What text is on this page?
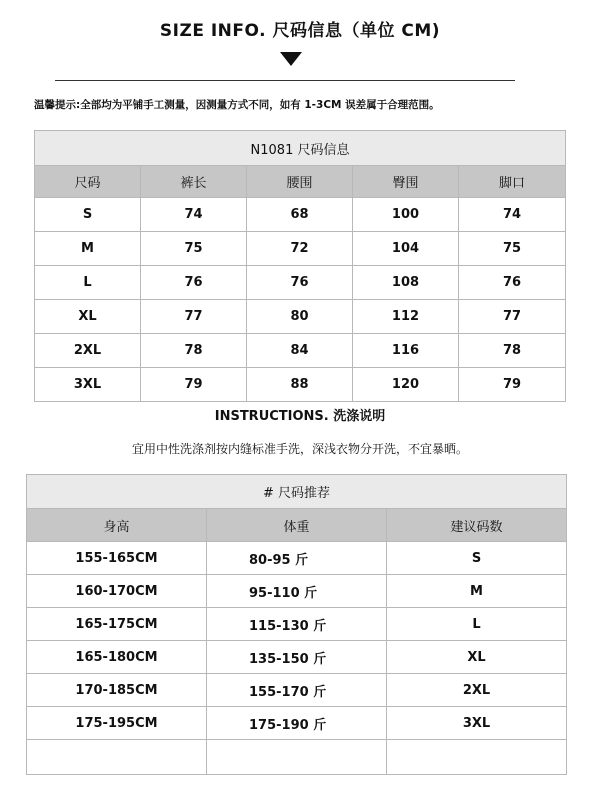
SIZE INFO. 尺码信息（单位 CM)
温馨提示:全部均为平铺手工测量，因测量方式不同，如有 1-3CM 误差属于合理范围。
N1081 尺码信息				
尺码	裤长	腰围	臀围	脚口
S	74	68	100	74
M	75	72	104	75
L	76	76	108	76
XL	77	80	112	77
2XL	78	84	116	78
3XL	79	88	120	79
INSTRUCTIONS. 洗涤说明
宜用中性洗涤剂按内缝标准手洗，深浅衣物分开洗，不宜暴晒。
# 尺码推荐		
身高	体重	建议码数
155-165CM	80-95 斤	S
160-170CM	95-110 斤	M
165-175CM	115-130 斤	L
165-180CM	135-150 斤	XL
170-185CM	155-170 斤	2XL
175-195CM	175-190 斤	3XL
